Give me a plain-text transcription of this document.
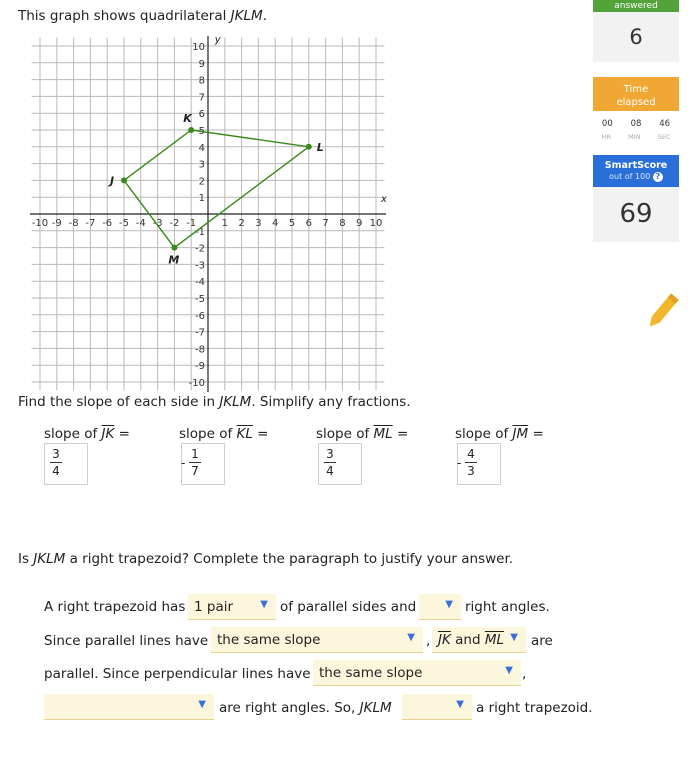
This graph shows quadrilateral JKLM.
x
y
-10 -9 -8 -7 -6 -5 -4 -3 -2 -1	1 2 3 4 5 6 7 8 9 10
10
9
8
7
6
5
4
3
2
1
-1
-2
-3
-4
-5
-6
-7
-8
-9
-10
J
K
L
M
answered
6
Time
elapsed
00 08 46
HR	MIN	SEC
SmartScore
out of 100 ?
69
Find the slope of each side in JKLM. Simplify any fractions.
slope of $\overline{JK}$ =	slope of $\overline{KL}$ =	slope of $\overline{ML}$ =	slope of $\overline{JM}$ =
$\frac{3}{4}$	- $\frac{1}{7}$	$\frac{3}{4}$	- $\frac{4}{3}$
Is JKLM a right trapezoid? Complete the paragraph to justify your answer.
A right trapezoid has 1 pair	▼ of parallel sides and	▼ right angles.
Since parallel lines have the same slope	▼ , $\overline{JK}$ and $\overline{ML}$ ▼ are
parallel. Since perpendicular lines have the same slope	▼ ,
▼ are right angles. So, JKLM	▼ a right trapezoid.
